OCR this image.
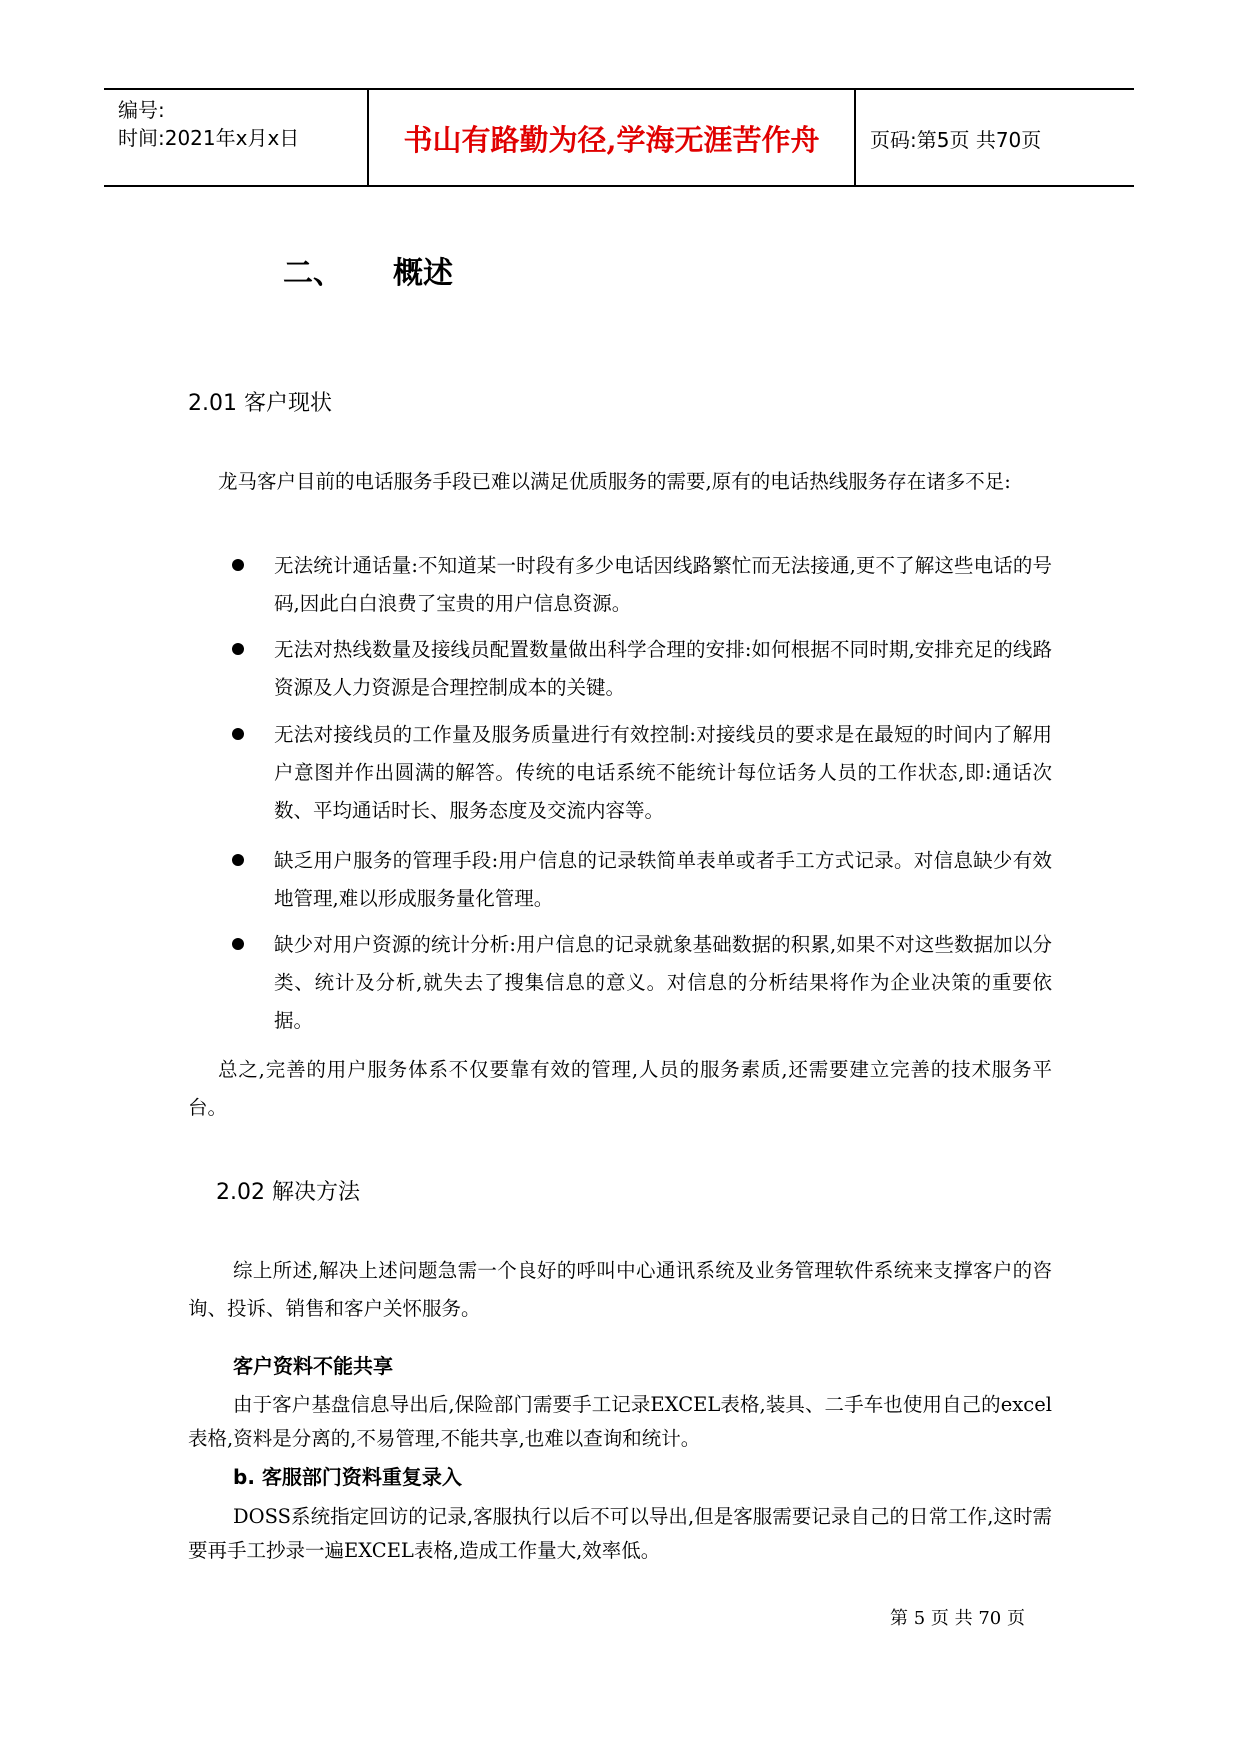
编号:
时间:2021年x月x日	书山有路勤为径,学海无涯苦作舟	页码:第5页 共70页
二、 概述
2.01 客户现状
龙马客户目前的电话服务手段已难以满足优质服务的需要,原有的电话热线服务存在诸多不足:
无法统计通话量:不知道某一时段有多少电话因线路繁忙而无法接通,更不了解这些电话的号码,因此白白浪费了宝贵的用户信息资源。
无法对热线数量及接线员配置数量做出科学合理的安排:如何根据不同时期,安排充足的线路资源及人力资源是合理控制成本的关键。
无法对接线员的工作量及服务质量进行有效控制:对接线员的要求是在最短的时间内了解用户意图并作出圆满的解答。传统的电话系统不能统计每位话务人员的工作状态,即:通话次数、平均通话时长、服务态度及交流内容等。
缺乏用户服务的管理手段:用户信息的记录轶简单表单或者手工方式记录。对信息缺少有效地管理,难以形成服务量化管理。
缺少对用户资源的统计分析:用户信息的记录就象基础数据的积累,如果不对这些数据加以分类、统计及分析,就失去了搜集信息的意义。对信息的分析结果将作为企业决策的重要依据。
总之,完善的用户服务体系不仅要靠有效的管理,人员的服务素质,还需要建立完善的技术服务平台。
2.02 解决方法
综上所述,解决上述问题急需一个良好的呼叫中心通讯系统及业务管理软件系统来支撑客户的咨询、投诉、销售和客户关怀服务。
客户资料不能共享
由于客户基盘信息导出后,保险部门需要手工记录EXCEL表格,装具、二手车也使用自己的excel表格,资料是分离的,不易管理,不能共享,也难以查询和统计。
b. 客服部门资料重复录入
DOSS系统指定回访的记录,客服执行以后不可以导出,但是客服需要记录自己的日常工作,这时需要再手工抄录一遍EXCEL表格,造成工作量大,效率低。
第 5 页 共 70 页
